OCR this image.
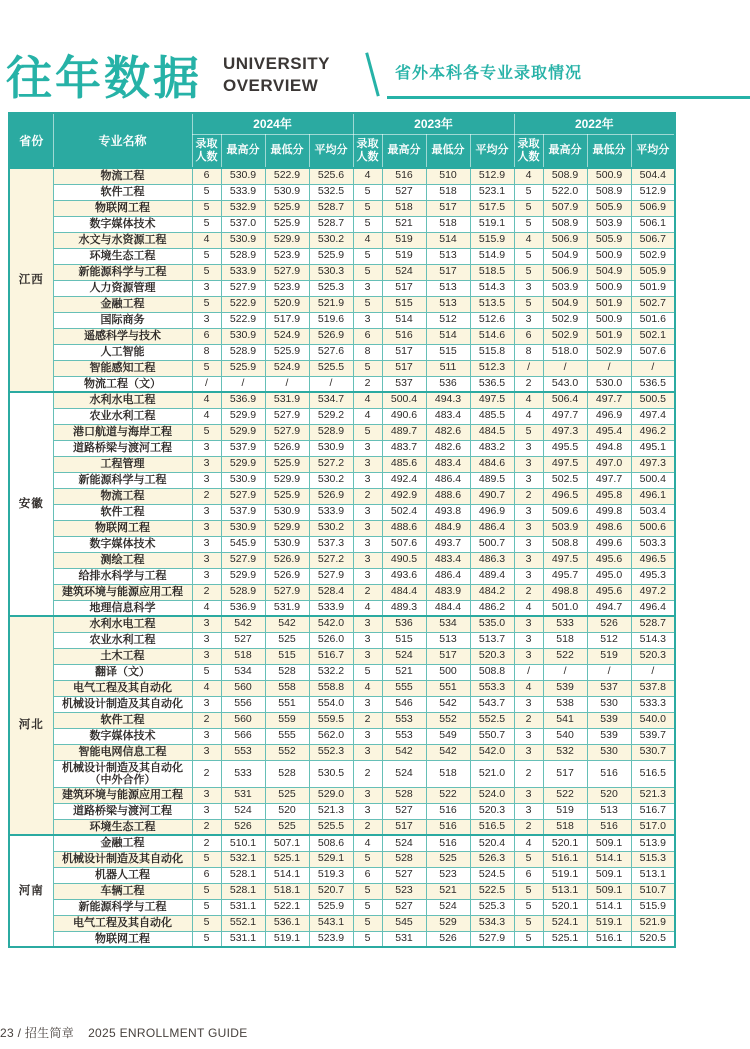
往年数据 UNIVERSITY
OVERVIEW
省外本科各专业录取情况
省份	专业名称	2024年				2023年				2022年			
		录取 人数	最高分	最低分	平均分	录取 人数	最高分	最低分	平均分	录取 人数	最高分	最低分	平均分
江西	物流工程	6	530.9	522.9	525.6	4	516	510	512.9	4	508.9	500.9	504.4
	软件工程	5	533.9	530.9	532.5	5	527	518	523.1	5	522.0	508.9	512.9
	物联网工程	5	532.9	525.9	528.7	5	518	517	517.5	5	507.9	505.9	506.9
	数字媒体技术	5	537.0	525.9	528.7	5	521	518	519.1	5	508.9	503.9	506.1
	水文与水资源工程	4	530.9	529.9	530.2	4	519	514	515.9	4	506.9	505.9	506.7
	环境生态工程	5	528.9	523.9	525.9	5	519	513	514.9	5	504.9	500.9	502.9
	新能源科学与工程	5	533.9	527.9	530.3	5	524	517	518.5	5	506.9	504.9	505.9
	人力资源管理	3	527.9	523.9	525.3	3	517	513	514.3	3	503.9	500.9	501.9
	金融工程	5	522.9	520.9	521.9	5	515	513	513.5	5	504.9	501.9	502.7
	国际商务	3	522.9	517.9	519.6	3	514	512	512.6	3	502.9	500.9	501.6
	遥感科学与技术	6	530.9	524.9	526.9	6	516	514	514.6	6	502.9	501.9	502.1
	人工智能	8	528.9	525.9	527.6	8	517	515	515.8	8	518.0	502.9	507.6
	智能感知工程	5	525.9	524.9	525.5	5	517	511	512.3	/	/	/	/
	物流工程（文）	/	/	/	/	2	537	536	536.5	2	543.0	530.0	536.5
安徽	水利水电工程	4	536.9	531.9	534.7	4	500.4	494.3	497.5	4	506.4	497.7	500.5
	农业水利工程	4	529.9	527.9	529.2	4	490.6	483.4	485.5	4	497.7	496.9	497.4
	港口航道与海岸工程	5	529.9	527.9	528.9	5	489.7	482.6	484.5	5	497.3	495.4	496.2
	道路桥梁与渡河工程	3	537.9	526.9	530.9	3	483.7	482.6	483.2	3	495.5	494.8	495.1
	工程管理	3	529.9	525.9	527.2	3	485.6	483.4	484.6	3	497.5	497.0	497.3
	新能源科学与工程	3	530.9	529.9	530.2	3	492.4	486.4	489.5	3	502.5	497.7	500.4
	物流工程	2	527.9	525.9	526.9	2	492.9	488.6	490.7	2	496.5	495.8	496.1
	软件工程	3	537.9	530.9	533.9	3	502.4	493.8	496.9	3	509.6	499.8	503.4
	物联网工程	3	530.9	529.9	530.2	3	488.6	484.9	486.4	3	503.9	498.6	500.6
	数字媒体技术	3	545.9	530.9	537.3	3	507.6	493.7	500.7	3	508.8	499.6	503.3
	测绘工程	3	527.9	526.9	527.2	3	490.5	483.4	486.3	3	497.5	495.6	496.5
	给排水科学与工程	3	529.9	526.9	527.9	3	493.6	486.4	489.4	3	495.7	495.0	495.3
	建筑环境与能源应用工程	2	528.9	527.9	528.4	2	484.4	483.9	484.2	2	498.8	495.6	497.2
	地理信息科学	4	536.9	531.9	533.9	4	489.3	484.4	486.2	4	501.0	494.7	496.4
河北	水利水电工程	3	542	542	542.0	3	536	534	535.0	3	533	526	528.7
	农业水利工程	3	527	525	526.0	3	515	513	513.7	3	518	512	514.3
	土木工程	3	518	515	516.7	3	524	517	520.3	3	522	519	520.3
	翻译（文）	5	534	528	532.2	5	521	500	508.8	/	/	/	/
	电气工程及其自动化	4	560	558	558.8	4	555	551	553.3	4	539	537	537.8
	机械设计制造及其自动化	3	556	551	554.0	3	546	542	543.7	3	538	530	533.3
	软件工程	2	560	559	559.5	2	553	552	552.5	2	541	539	540.0
	数字媒体技术	3	566	555	562.0	3	553	549	550.7	3	540	539	539.7
	智能电网信息工程	3	553	552	552.3	3	542	542	542.0	3	532	530	530.7
	机械设计制造及其自动化（中外合作）	2	533	528	530.5	2	524	518	521.0	2	517	516	516.5
	建筑环境与能源应用工程	3	531	525	529.0	3	528	522	524.0	3	522	520	521.3
	道路桥梁与渡河工程	3	524	520	521.3	3	527	516	520.3	3	519	513	516.7
	环境生态工程	2	526	525	525.5	2	517	516	516.5	2	518	516	517.0
河南	金融工程	2	510.1	507.1	508.6	4	524	516	520.4	4	520.1	509.1	513.9
	机械设计制造及其自动化	5	532.1	525.1	529.1	5	528	525	526.3	5	516.1	514.1	515.3
	机器人工程	6	528.1	514.1	519.3	6	527	523	524.5	6	519.1	509.1	513.1
	车辆工程	5	528.1	518.1	520.7	5	523	521	522.5	5	513.1	509.1	510.7
	新能源科学与工程	5	531.1	522.1	525.9	5	527	524	525.3	5	520.1	514.1	515.9
	电气工程及其自动化	5	552.1	536.1	543.1	5	545	529	534.3	5	524.1	519.1	521.9
	物联网工程	5	531.1	519.1	523.9	5	531	526	527.9	5	525.1	516.1	520.5
23 / 招生简章 2025 ENROLLMENT GUIDE
